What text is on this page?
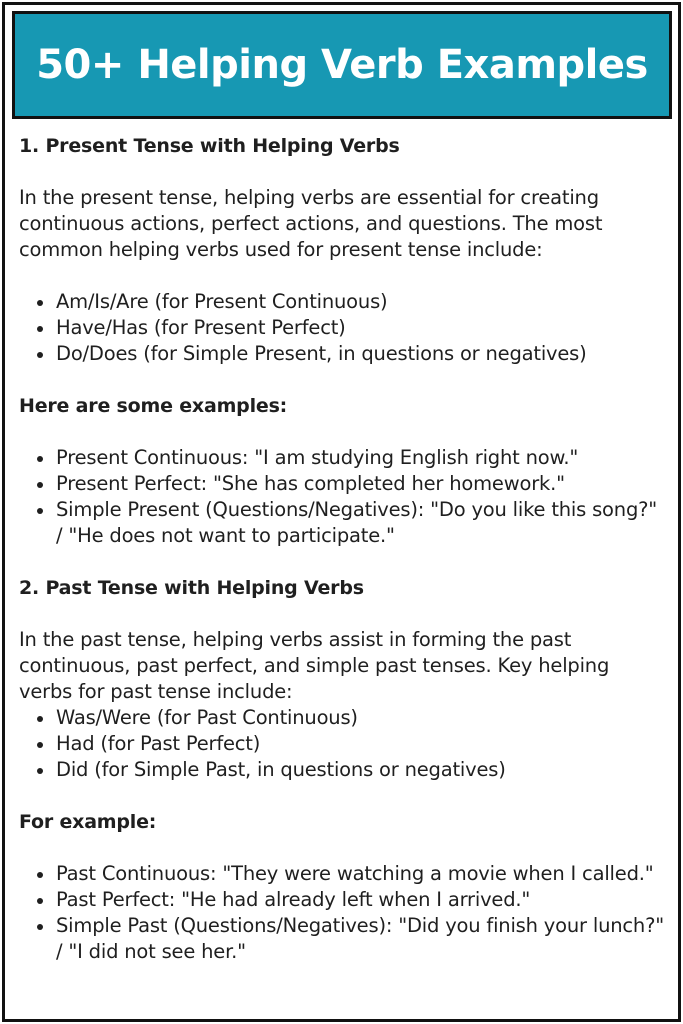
50+ Helping Verb Examples
1. Present Tense with Helping Verbs

In the present tense, helping verbs are essential for creating continuous actions, perfect actions, and questions. The most common helping verbs used for present tense include:

Am/Is/Are (for Present Continuous)
Have/Has (for Present Perfect)
Do/Does (for Simple Present, in questions or negatives)
Here are some examples:
Present Continuous: "I am studying English right now."
Present Perfect: "She has completed her homework."
Simple Present (Questions/Negatives): "Do you like this song?" / "He does not want to participate."
2. Past Tense with Helping Verbs

In the past tense, helping verbs assist in forming the past continuous, past perfect, and simple past tenses. Key helping verbs for past tense include:

Was/Were (for Past Continuous)
Had (for Past Perfect)
Did (for Simple Past, in questions or negatives)
For example:
Past Continuous: "They were watching a movie when I called."
Past Perfect: "He had already left when I arrived."
Simple Past (Questions/Negatives): "Did you finish your lunch?" / "I did not see her."
